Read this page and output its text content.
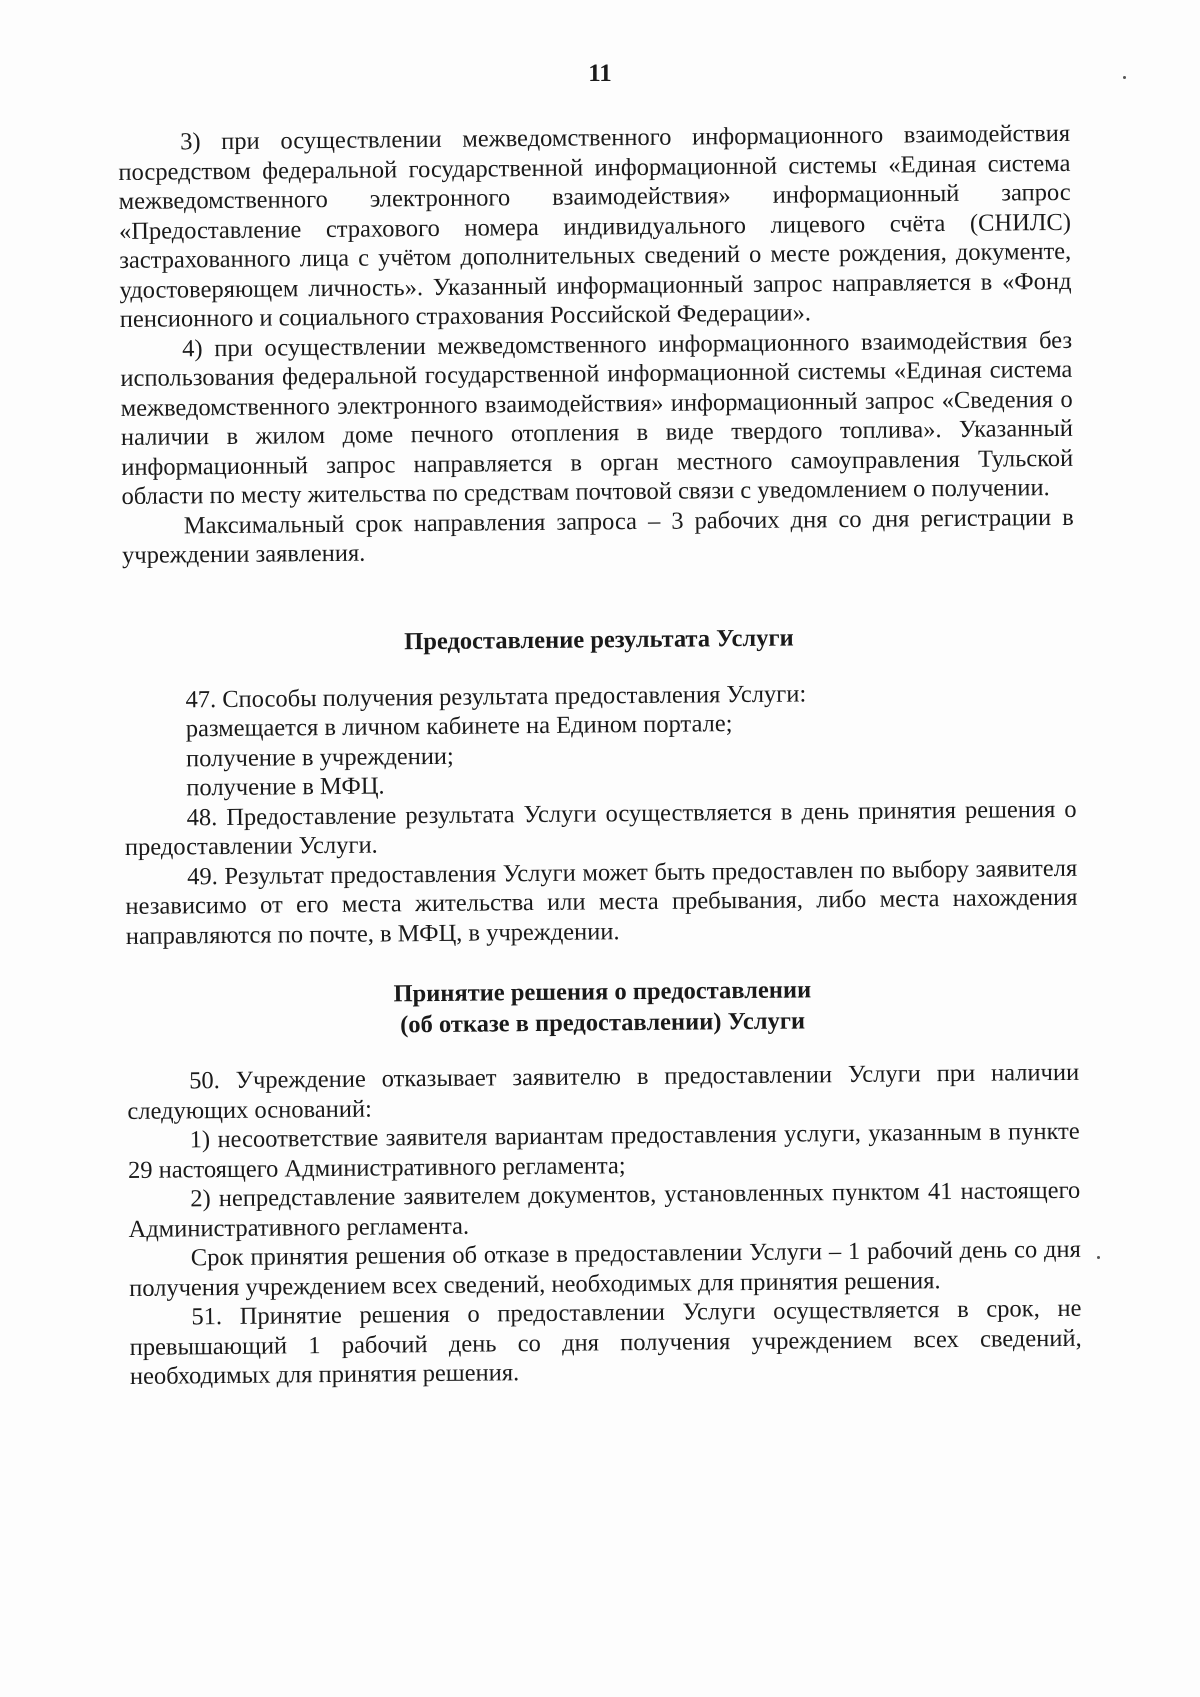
11

3) при осуществлении межведомственного информационного взаимодействия посредством федеральной государственной информационной системы «Единая система межведомственного электронного взаимодействия» информационный запрос «Предоставление страхового номера индивидуального лицевого счёта (СНИЛС) застрахованного лица с учётом дополнительных сведений о месте рождения, документе, удостоверяющем личность». Указанный информационный запрос направляется в «Фонд пенсионного и социального страхования Российской Федерации».

4) при осуществлении межведомственного информационного взаимодействия без использования федеральной государственной информационной системы «Единая система межведомственного электронного взаимодействия» информационный запрос «Сведения о наличии в жилом доме печного отопления в виде твердого топлива». Указанный информационный запрос направляется в орган местного самоуправления Тульской области по месту жительства по средствам почтовой связи с уведомлением о получении.

Максимальный срок направления запроса – 3 рабочих дня со дня регистрации в учреждении заявления.

Предоставление результата Услуги

47. Способы получения результата предоставления Услуги:

размещается в личном кабинете на Едином портале;

получение в учреждении;

получение в МФЦ.

48. Предоставление результата Услуги осуществляется в день принятия решения о предоставлении Услуги.

49. Результат предоставления Услуги может быть предоставлен по выбору заявителя независимо от его места жительства или места пребывания, либо места нахождения направляются по почте, в МФЦ, в учреждении.

Принятие решения о предоставлении
(об отказе в предоставлении) Услуги

50. Учреждение отказывает заявителю в предоставлении Услуги при наличии следующих оснований:

1) несоответствие заявителя вариантам предоставления услуги, указанным в пункте 29 настоящего Административного регламента;

2) непредставление заявителем документов, установленных пунктом 41 настоящего Административного регламента.

Срок принятия решения об отказе в предоставлении Услуги – 1 рабочий день со дня получения учреждением всех сведений, необходимых для принятия решения.

51. Принятие решения о предоставлении Услуги осуществляется в срок, не превышающий 1 рабочий день со дня получения учреждением всех сведений, необходимых для принятия решения.
